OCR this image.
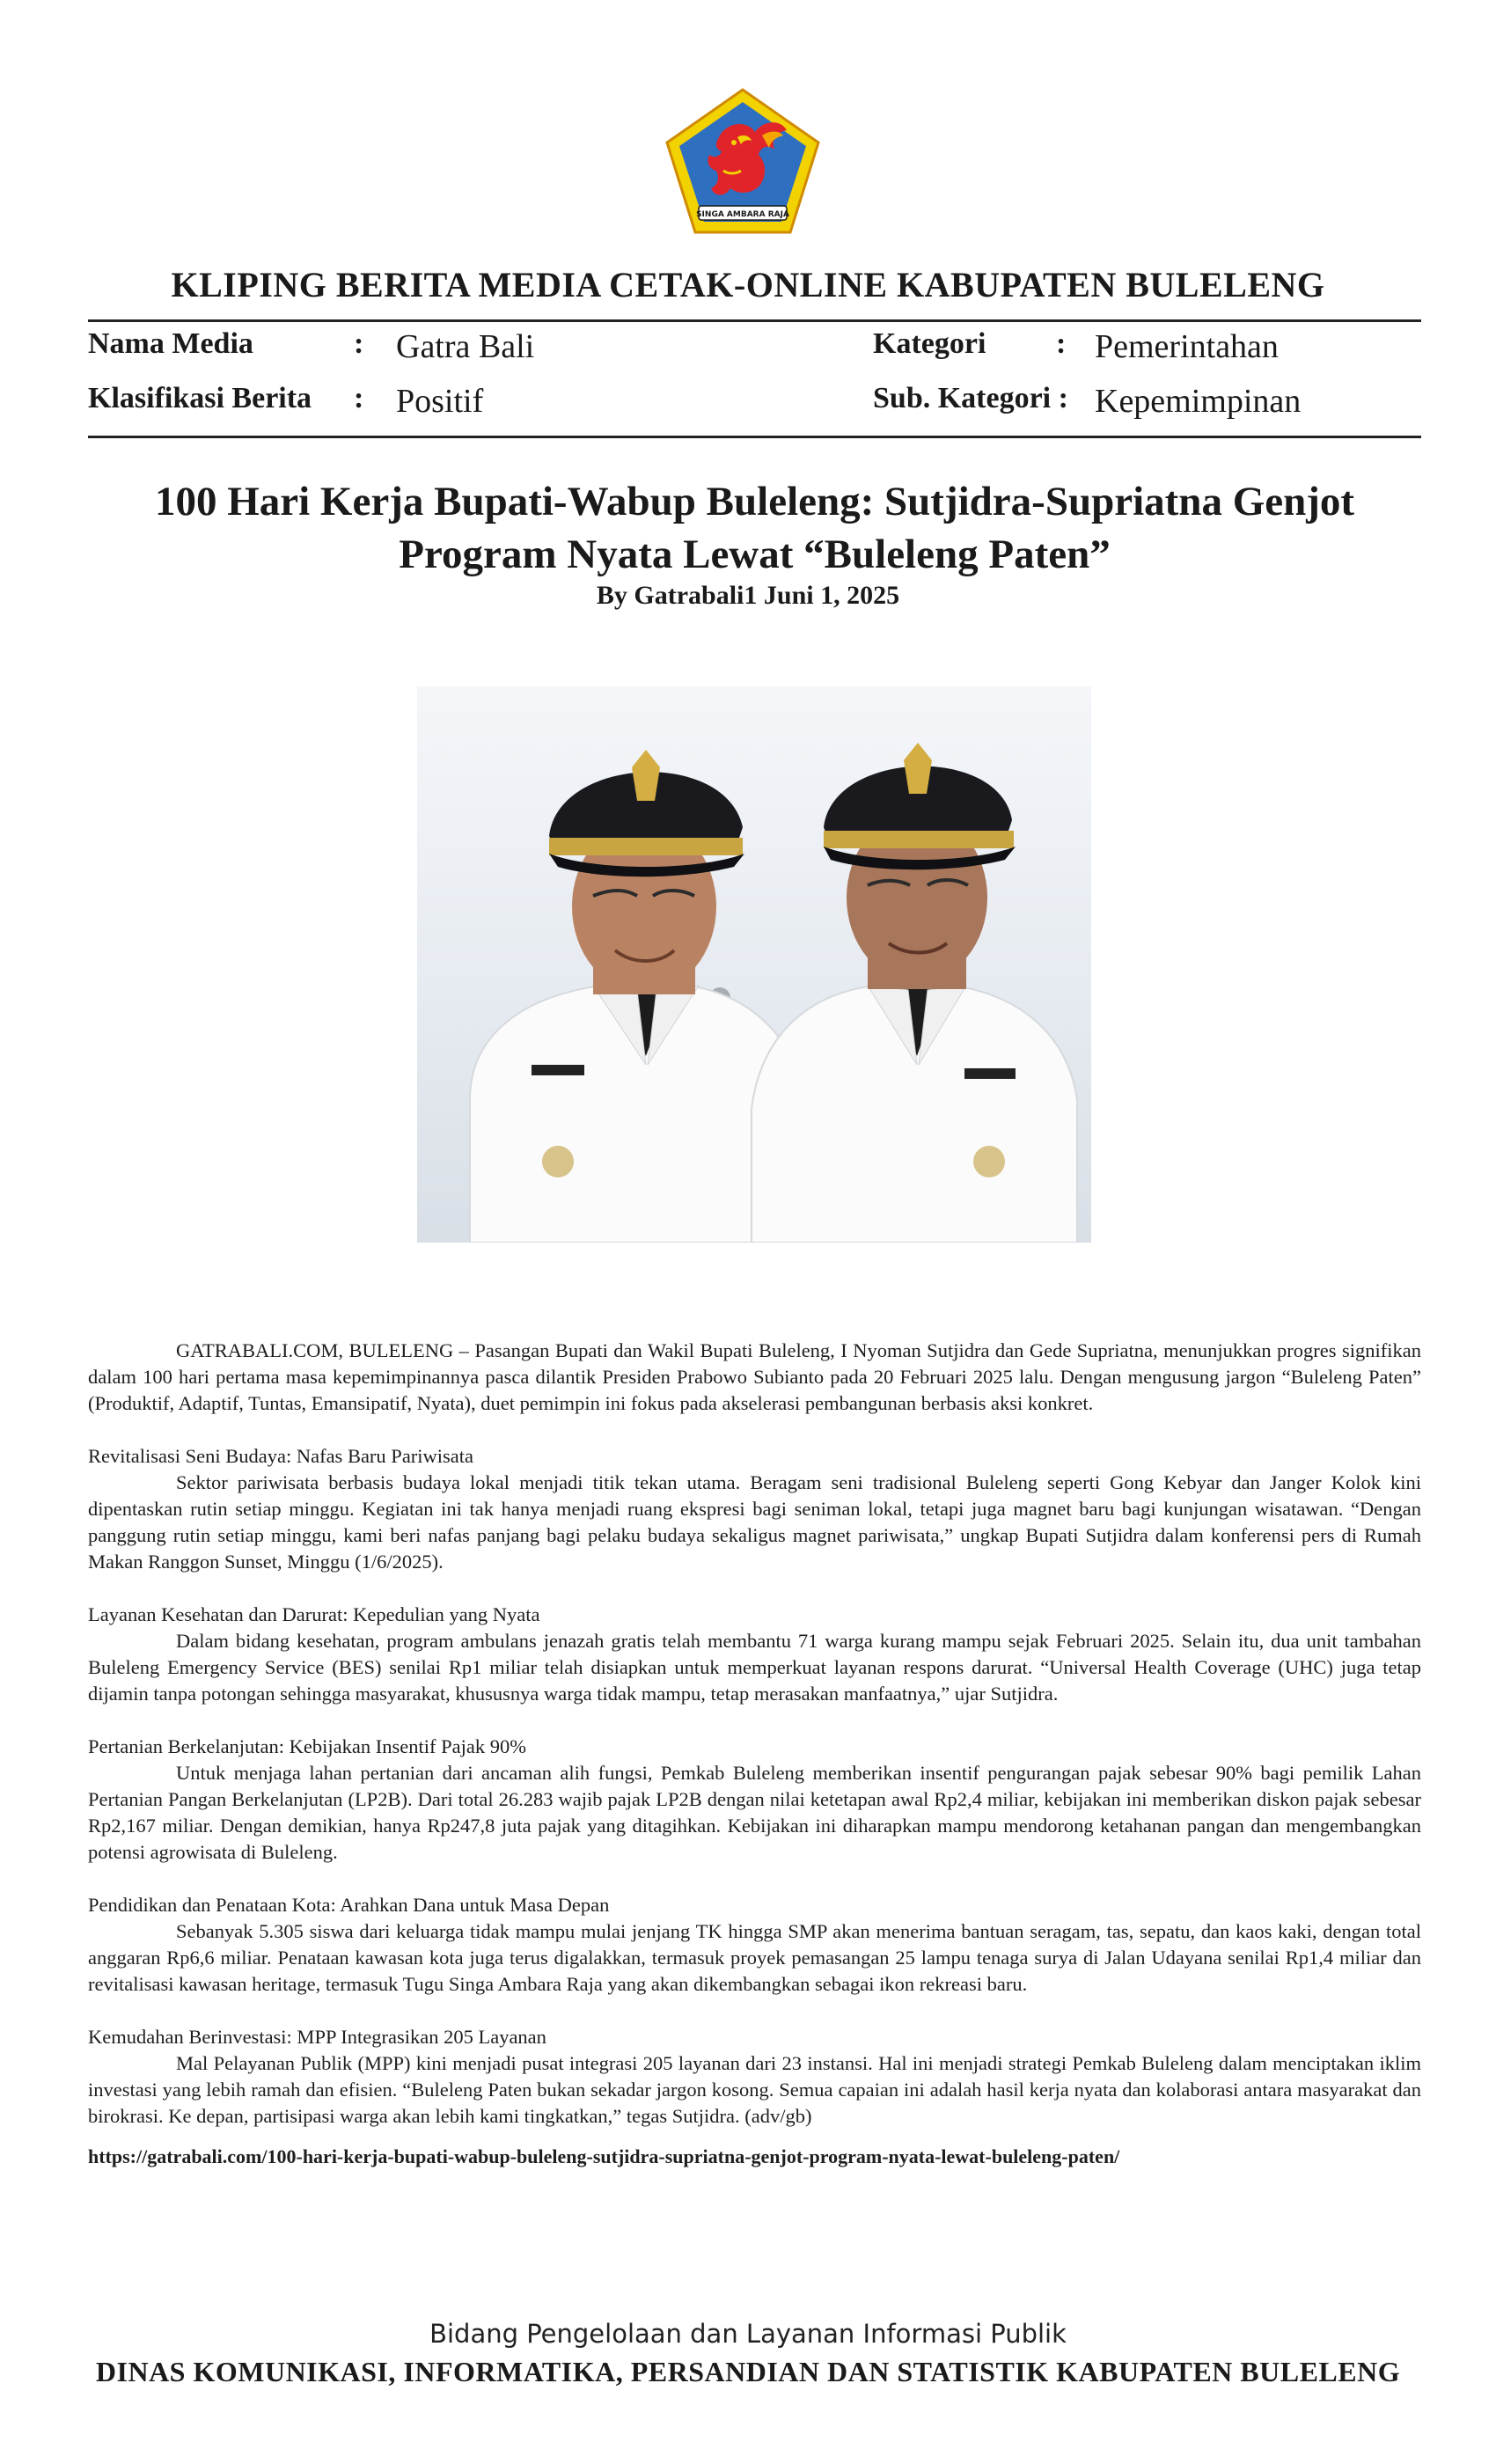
SINGA AMBARA RAJA
KLIPING BERITA MEDIA CETAK-ONLINE KABUPATEN BULELENG
Nama Media	: Gatra Bali
Klasifikasi Berita : Positif
Kategori : Pemerintahan
Sub. Kategori : Kepemimpinan
100 Hari Kerja Bupati-Wabup Buleleng: Sutjidra-Supriatna Genjot
Program Nyata Lewat “Buleleng Paten”
By Gatrabali1 Juni 1, 2025

GATRABALI.COM, BULELENG – Pasangan Bupati dan Wakil Bupati Buleleng, I Nyoman Sutjidra dan Gede Supriatna, menunjukkan progres signifikan dalam 100 hari pertama masa kepemimpinannya pasca dilantik Presiden Prabowo Subianto pada 20 Februari 2025 lalu. Dengan mengusung jargon “Buleleng Paten” (Produktif, Adaptif, Tuntas, Emansipatif, Nyata), duet pemimpin ini fokus pada akselerasi pembangunan berbasis aksi konkret.

Revitalisasi Seni Budaya: Nafas Baru Pariwisata

Sektor pariwisata berbasis budaya lokal menjadi titik tekan utama. Beragam seni tradisional Buleleng seperti Gong Kebyar dan Janger Kolok kini dipentaskan rutin setiap minggu. Kegiatan ini tak hanya menjadi ruang ekspresi bagi seniman lokal, tetapi juga magnet baru bagi kunjungan wisatawan. “Dengan panggung rutin setiap minggu, kami beri nafas panjang bagi pelaku budaya sekaligus magnet pariwisata,” ungkap Bupati Sutjidra dalam konferensi pers di Rumah Makan Ranggon Sunset, Minggu (1/6/2025).

Layanan Kesehatan dan Darurat: Kepedulian yang Nyata

Dalam bidang kesehatan, program ambulans jenazah gratis telah membantu 71 warga kurang mampu sejak Februari 2025. Selain itu, dua unit tambahan Buleleng Emergency Service (BES) senilai Rp1 miliar telah disiapkan untuk memperkuat layanan respons darurat. “Universal Health Coverage (UHC) juga tetap dijamin tanpa potongan sehingga masyarakat, khususnya warga tidak mampu, tetap merasakan manfaatnya,” ujar Sutjidra.

Pertanian Berkelanjutan: Kebijakan Insentif Pajak 90%

Untuk menjaga lahan pertanian dari ancaman alih fungsi, Pemkab Buleleng memberikan insentif pengurangan pajak sebesar 90% bagi pemilik Lahan Pertanian Pangan Berkelanjutan (LP2B). Dari total 26.283 wajib pajak LP2B dengan nilai ketetapan awal Rp2,4 miliar, kebijakan ini memberikan diskon pajak sebesar Rp2,167 miliar. Dengan demikian, hanya Rp247,8 juta pajak yang ditagihkan. Kebijakan ini diharapkan mampu mendorong ketahanan pangan dan mengembangkan potensi agrowisata di Buleleng.

Pendidikan dan Penataan Kota: Arahkan Dana untuk Masa Depan

Sebanyak 5.305 siswa dari keluarga tidak mampu mulai jenjang TK hingga SMP akan menerima bantuan seragam, tas, sepatu, dan kaos kaki, dengan total anggaran Rp6,6 miliar. Penataan kawasan kota juga terus digalakkan, termasuk proyek pemasangan 25 lampu tenaga surya di Jalan Udayana senilai Rp1,4 miliar dan revitalisasi kawasan heritage, termasuk Tugu Singa Ambara Raja yang akan dikembangkan sebagai ikon rekreasi baru.

Kemudahan Berinvestasi: MPP Integrasikan 205 Layanan

Mal Pelayanan Publik (MPP) kini menjadi pusat integrasi 205 layanan dari 23 instansi. Hal ini menjadi strategi Pemkab Buleleng dalam menciptakan iklim investasi yang lebih ramah dan efisien. “Buleleng Paten bukan sekadar jargon kosong. Semua capaian ini adalah hasil kerja nyata dan kolaborasi antara masyarakat dan birokrasi. Ke depan, partisipasi warga akan lebih kami tingkatkan,” tegas Sutjidra. (adv/gb)

https://gatrabali.com/100-hari-kerja-bupati-wabup-buleleng-sutjidra-supriatna-genjot-program-nyata-lewat-buleleng-paten/

Bidang Pengelolaan dan Layanan Informasi Publik
DINAS KOMUNIKASI, INFORMATIKA, PERSANDIAN DAN STATISTIK KABUPATEN BULELENG
